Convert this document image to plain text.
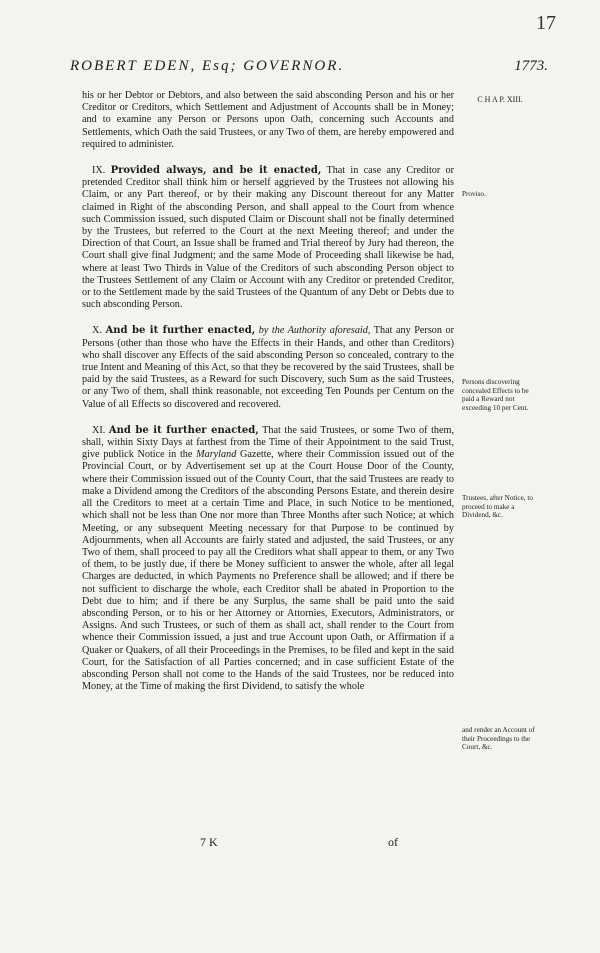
17
ROBERT EDEN, Esq; GOVERNOR.	1773.
C H A P. XIII.

his or her Debtor or Debtors, and also between the said absconding Person and his or her Creditor or Creditors, which Settlement and Adjustment of Accounts shall be in Money; and to examine any Person or Persons upon Oath, concerning such Accounts and Settlements, which Oath the said Trustees, or any Two of them, are hereby empowered and required to administer.

IX. Provided always, and be it enacted, That in case any Creditor or pretended Creditor shall think him or herself aggrieved by the Trustees not allowing his Claim, or any Part thereof, or by their making any Discount thereout for any Matter claimed in Right of the absconding Person, and shall appeal to the Court from whence such Commission issued, such disputed Claim or Discount shall not be finally determined by the Trustees, but referred to the Court at the next Meeting thereof; and under the Direction of that Court, an Issue shall be framed and Trial thereof by Jury had thereon, the Court shall give final Judgment; and the same Mode of Proceeding shall likewise be had, where at least Two Thirds in Value of the Creditors of such absconding Person object to the Trustees Settlement of any Claim or Account with any Creditor or pretended Creditor, or to the Settlement made by the said Trustees of the Quantum of any Debt or Debts due to such absconding Person.

X. And be it further enacted, by the Authority aforesaid, That any Person or Persons (other than those who have the Effects in their Hands, and other than Creditors) who shall discover any Effects of the said absconding Person so concealed, contrary to the true Intent and Meaning of this Act, so that they be recovered by the said Trustees, shall be paid by the said Trustees, as a Reward for such Discovery, such Sum as the said Trustees, or any Two of them, shall think reasonable, not exceeding Ten Pounds per Centum on the Value of all Effects so discovered and recovered.

XI. And be it further enacted, That the said Trustees, or some Two of them, shall, within Sixty Days at farthest from the Time of their Appointment to the said Trust, give publick Notice in the Maryland Gazette, where their Commission issued out of the Provincial Court, or by Advertisement set up at the Court House Door of the County, where their Commission issued out of the County Court, that the said Trustees are ready to make a Dividend among the Creditors of the absconding Persons Estate, and therein desire all the Creditors to meet at a certain Time and Place, in such Notice to be mentioned, which shall not be less than One nor more than Three Months after such Notice; at which Meeting, or any subsequent Meeting necessary for that Purpose to be continued by Adjournments, when all Accounts are fairly stated and adjusted, the said Trustees, or any Two of them, shall proceed to pay all the Creditors what shall appear to them, or any Two of them, to be justly due, if there be Money sufficient to answer the whole, after all legal Charges are deducted, in which Payments no Preference shall be allowed; and if there be not sufficient to discharge the whole, each Creditor shall be abated in Proportion to the Debt due to him; and if there be any Surplus, the same shall be paid unto the said absconding Person, or to his or her Attorney or Attornies, Executors, Administrators, or Assigns. And such Trustees, or such of them as shall act, shall render to the Court from whence their Commission issued, a just and true Account upon Oath, or Affirmation if a Quaker or Quakers, of all their Proceedings in the Premises, to be filed and kept in the said Court, for the Satisfaction of all Parties concerned; and in case sufficient Estate of the absconding Person shall not come to the Hands of the said Trustees, nor be reduced into Money, at the Time of making the first Dividend, to satisfy the whole

Proviso.
Persons discovering concealed Effects to be paid a Reward not exceeding 10 per Cent.
Trustees, after Notice, to proceed to make a Dividend, &c.
and render an Account of their Proceedings to the Court, &c.
7 K	of
